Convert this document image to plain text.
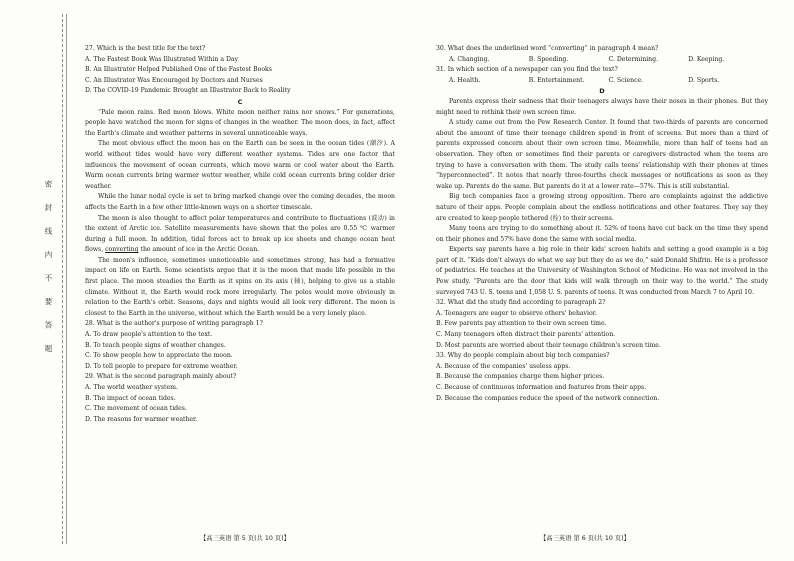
密封线内不要答题

27. Which is the best title for the text?

A. The Fastest Book Was Illustrated Within a Day

B. An Illustrator Helped Published One of the Fastest Books

C. An Illustrator Was Encouraged by Doctors and Nurses

D. The COVID-19 Pandemic Brought an Illustrator Back to Reality

C

“Pale moon rains. Red moon blows. White moon neither rains nor snows.” For generations, people have watched the moon for signs of changes in the weather. The moon does, in fact, affect the Earth's climate and weather patterns in several unnoticeable ways.

The most obvious effect the moon has on the Earth can be seen in the ocean tides (潮汐). A world without tides would have very different weather systems. Tides are one factor that influences the movement of ocean currents, which move warm or cool water about the Earth. Warm ocean currents bring warmer wetter weather, while cold ocean currents bring colder drier weather.

While the lunar nodal cycle is set to bring marked change over the coming decades, the moon affects the Earth in a few other little-known ways on a shorter timescale.

The moon is also thought to affect polar temperatures and contribute to fluctuations (波动) in the extent of Arctic ice. Satellite measurements have shown that the poles are 0.55 ℃ warmer during a full moon. In addition, tidal forces act to break up ice sheets and change ocean heat flows, converting the amount of ice in the Arctic Ocean.

The moon's influence, sometimes unnoticeable and sometimes strong, has had a formative impact on life on Earth. Some scientists argue that it is the moon that made life possible in the first place. The moon steadies the Earth as it spins on its axis (轴), helping to give us a stable climate. Without it, the Earth would rock more irregularly. The poles would move obviously in relation to the Earth's orbit. Seasons, days and nights would all look very different. The moon is closest to the Earth in the universe, without which the Earth would be a very lonely place.

28. What is the author's purpose of writing paragraph 1?

A. To draw people's attention to the text.

B. To teach people signs of weather changes.

C. To show people how to appreciate the moon.

D. To tell people to prepare for extreme weather.

29. What is the second paragraph mainly about?

A. The world weather system.

B. The impact of ocean tides.

C. The movement of ocean tides.

D. The reasons for warmer weather.

30. What does the underlined word “converting” in paragraph 4 mean?

A. Changing.	B. Speeding.	C. Determining.	D. Keeping.

31. In which section of a newspaper can you find the text?

A. Health.	B. Entertainment.	C. Science.	D. Sports.

D

Parents express their sadness that their teenagers always have their noses in their phones. But they might need to rethink their own screen time.

A study came out from the Pew Research Center. It found that two-thirds of parents are concerned about the amount of time their teenage children spend in front of screens. But more than a third of parents expressed concern about their own screen time. Meanwhile, more than half of teens had an observation. They often or sometimes find their parents or caregivers distracted when the teens are trying to have a conversation with them. The study calls teens' relationship with their phones at times “hyperconnected”. It notes that nearly three-fourths check messages or notifications as soon as they wake up. Parents do the same. But parents do it at a lower rate—57%. This is still substantial.

Big tech companies face a growing strong opposition. There are complaints against the addictive nature of their apps. People complain about the endless notifications and other features. They say they are created to keep people tethered (拴) to their screens.

Many teens are trying to do something about it. 52% of teens have cut back on the time they spend on their phones and 57% have done the same with social media.

Experts say parents have a big role in their kids' screen habits and setting a good example is a big part of it. “Kids don't always do what we say but they do as we do,” said Donald Shifrin. He is a professor of pediatrics. He teaches at the University of Washington School of Medicine. He was not involved in the Pew study. “Parents are the door that kids will walk through on their way to the world.” The study surveyed 743 U. S. teens and 1,058 U. S. parents of teens. It was conducted from March 7 to April 10.

32. What did the study find according to paragraph 2?

A. Teenagers are eager to observe others' behavior.

B. Few parents pay attention to their own screen time.

C. Many teenagers often distract their parents' attention.

D. Most parents are worried about their teenage children's screen time.

33. Why do people complain about big tech companies?

A. Because of the companies' useless apps.

B. Because the companies charge them higher prices.

C. Because of continuous information and features from their apps.

D. Because the companies reduce the speed of the network connection.

【高三英语 第 5 页(共 10 页)】	【高三英语 第 6 页(共 10 页)】
